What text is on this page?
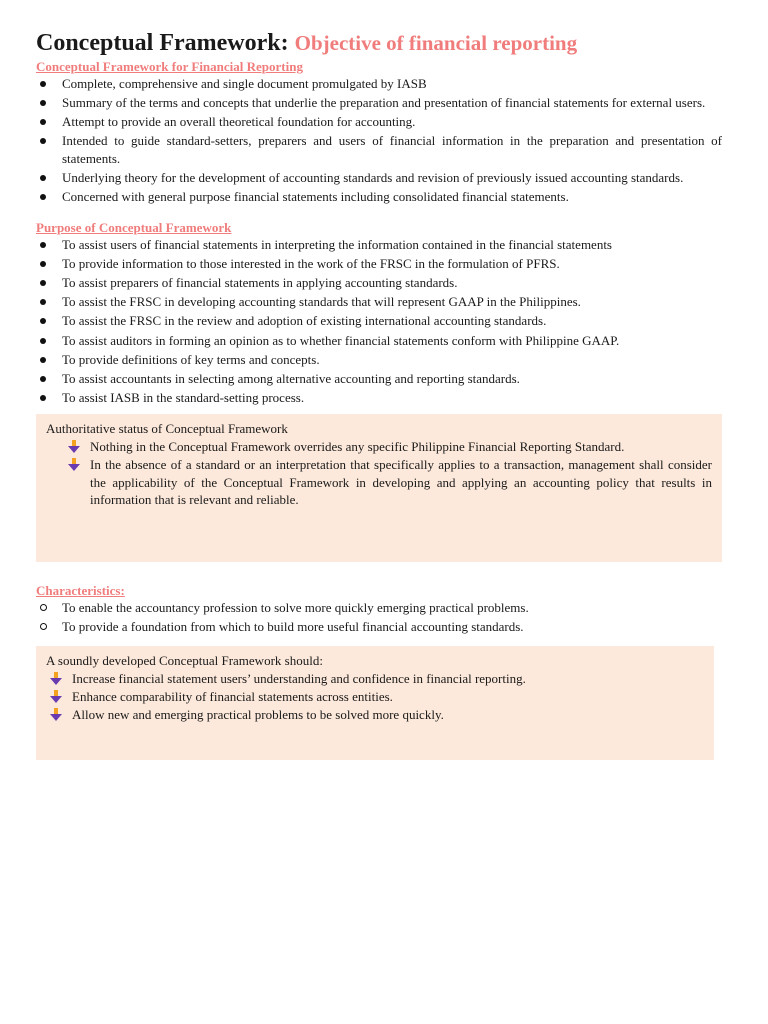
Conceptual Framework: Objective of financial reporting

Conceptual Framework for Financial Reporting

Complete, comprehensive and single document promulgated by IASB
Summary of the terms and concepts that underlie the preparation and presentation of financial statements for external users.
Attempt to provide an overall theoretical foundation for accounting.
Intended to guide standard-setters, preparers and users of financial information in the preparation and presentation of statements.
Underlying theory for the development of accounting standards and revision of previously issued accounting standards.
Concerned with general purpose financial statements including consolidated financial statements.

Purpose of Conceptual Framework

To assist users of financial statements in interpreting the information contained in the financial statements
To provide information to those interested in the work of the FRSC in the formulation of PFRS.
To assist preparers of financial statements in applying accounting standards.
To assist the FRSC in developing accounting standards that will represent GAAP in the Philippines.
To assist the FRSC in the review and adoption of existing international accounting standards.
To assist auditors in forming an opinion as to whether financial statements conform with Philippine GAAP.
To provide definitions of key terms and concepts.
To assist accountants in selecting among alternative accounting and reporting standards.
To assist IASB in the standard-setting process.

Authoritative status of Conceptual Framework

Nothing in the Conceptual Framework overrides any specific Philippine Financial Reporting Standard.
In the absence of a standard or an interpretation that specifically applies to a transaction, management shall consider the applicability of the Conceptual Framework in developing and applying an accounting policy that results in information that is relevant and reliable.

Characteristics:

To enable the accountancy profession to solve more quickly emerging practical problems.
To provide a foundation from which to build more useful financial accounting standards.

A soundly developed Conceptual Framework should:

Increase financial statement users’ understanding and confidence in financial reporting.
Enhance comparability of financial statements across entities.
Allow new and emerging practical problems to be solved more quickly.
